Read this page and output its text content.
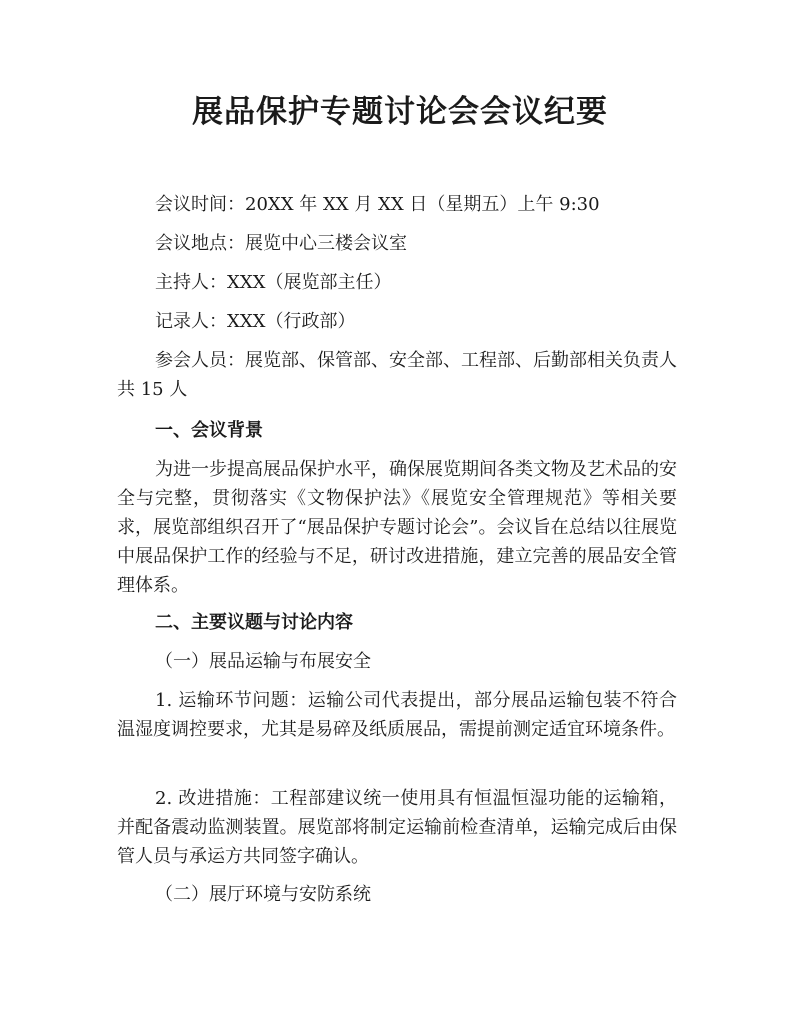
展品保护专题讨论会会议纪要

会议时间：20XX 年 XX 月 XX 日（星期五）上午 9:30

会议地点：展览中心三楼会议室

主持人：XXX（展览部主任）

记录人：XXX（行政部）

参会人员：展览部、保管部、安全部、工程部、后勤部相关负责人共 15 人

一、会议背景

为进一步提高展品保护水平，确保展览期间各类文物及艺术品的安全与完整，贯彻落实《文物保护法》《展览安全管理规范》等相关要求，展览部组织召开了“展品保护专题讨论会”。会议旨在总结以往展览中展品保护工作的经验与不足，研讨改进措施，建立完善的展品安全管理体系。

二、主要议题与讨论内容

（一）展品运输与布展安全

1. 运输环节问题：运输公司代表提出，部分展品运输包装不符合温湿度调控要求，尤其是易碎及纸质展品，需提前测定适宜环境条件。

2. 改进措施：工程部建议统一使用具有恒温恒湿功能的运输箱，并配备震动监测装置。展览部将制定运输前检查清单，运输完成后由保管人员与承运方共同签字确认。

（二）展厅环境与安防系统
